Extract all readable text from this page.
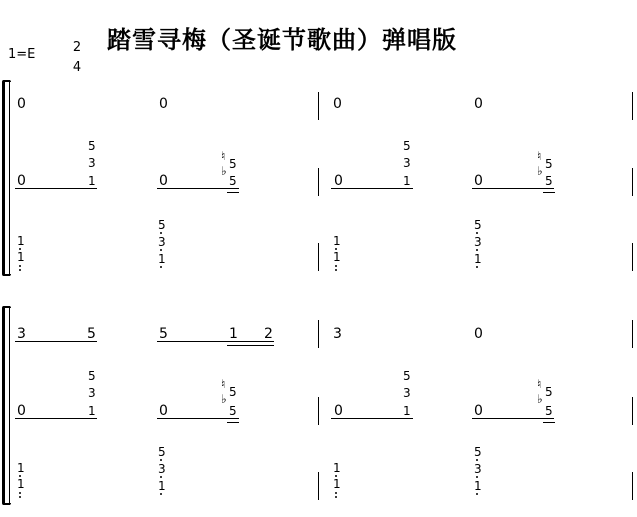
踏雪寻梅（圣诞节歌曲）弹唱版
1=E	2
4
0	0	0	0
5
3
0	1	0
♮
5
♭
5
5
3
0	1	0
♮
5
♭
5
1
1
5
3
1
1
1
5
3
1
3	5	5	1 2	3	0
5
3
0	1	0
♮
5
♭
5
5
3
0	1	0
♮
5
♭
5
1
1
5
3
1
1
1
5
3
1
